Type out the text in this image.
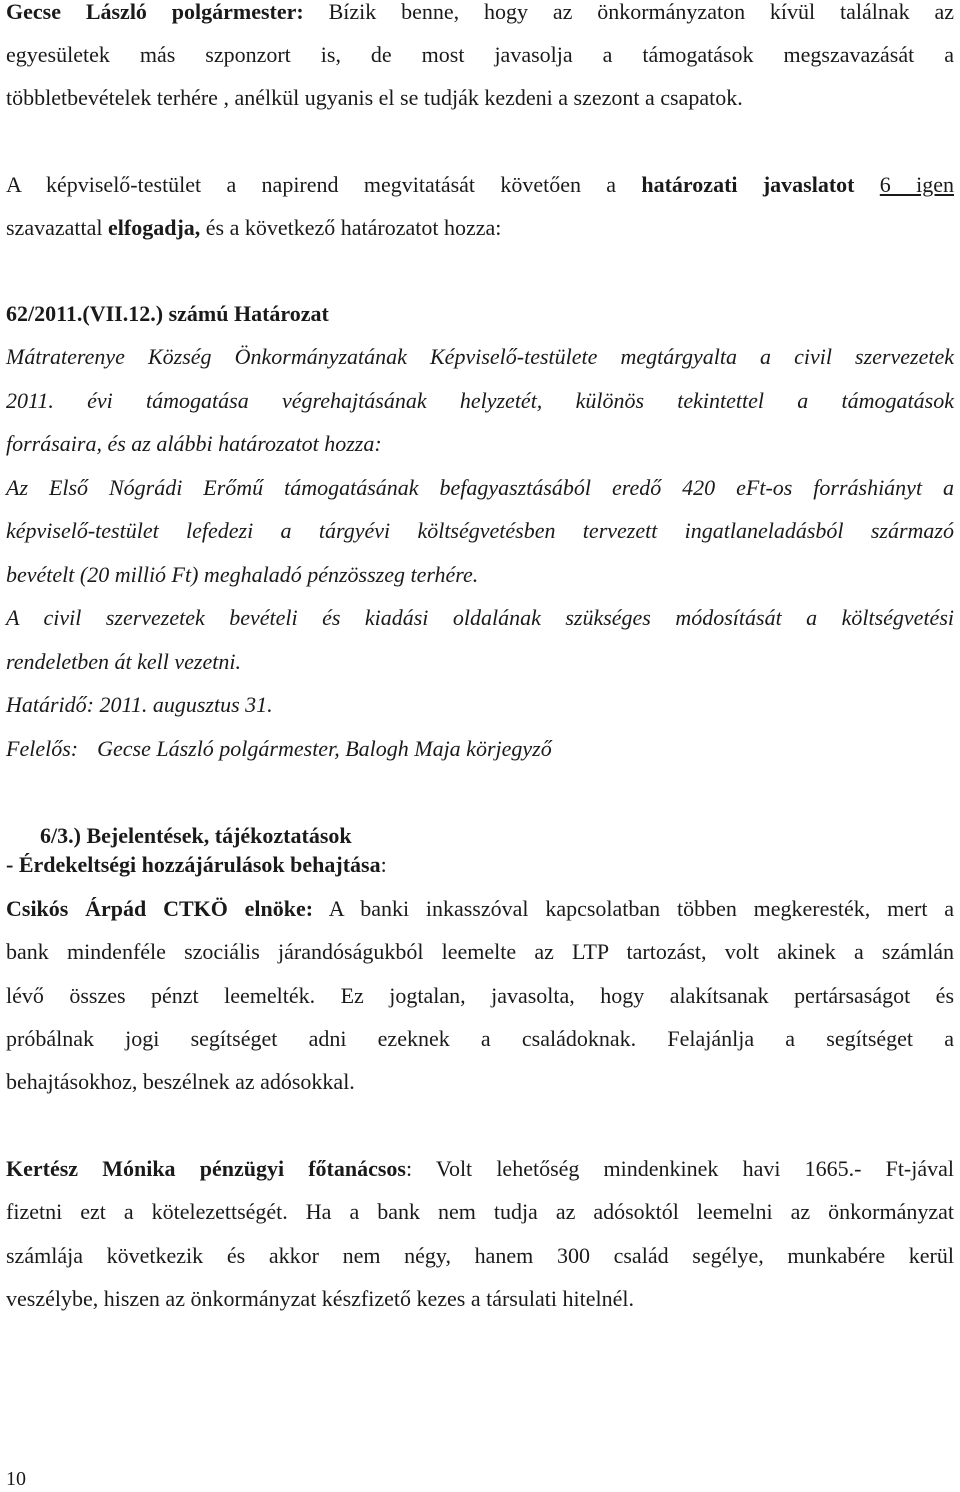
Gecse László polgármester: Bízik benne, hogy az önkormányzaton kívül találnak az
egyesületek más szponzort is, de most javasolja a támogatások megszavazását a
többletbevételek terhére , anélkül ugyanis el se tudják kezdeni a szezont a csapatok.
A képviselő-testület a napirend megvitatását követően a határozati javaslatot 6 igen
szavazattal elfogadja, és a következő határozatot hozza:
62/2011.(VII.12.) számú Határozat
Mátraterenye Község Önkormányzatának Képviselő-testülete megtárgyalta a civil szervezetek
2011. évi támogatása végrehajtásának helyzetét, különös tekintettel a támogatások
forrásaira, és az alábbi határozatot hozza:
Az Első Nógrádi Erőmű támogatásának befagyasztásából eredő 420 eFt-os forráshiányt a
képviselő-testület lefedezi a tárgyévi költségvetésben tervezett ingatlaneladásból származó
bevételt (20 millió Ft) meghaladó pénzösszeg terhére.
A civil szervezetek bevételi és kiadási oldalának szükséges módosítását a költségvetési
rendeletben át kell vezetni.
Határidő: 2011. augusztus 31.
Felelős: Gecse László polgármester, Balogh Maja körjegyző
6/3.) Bejelentések, tájékoztatások
- Érdekeltségi hozzájárulások behajtása:
Csikós Árpád CTKÖ elnöke: A banki inkasszóval kapcsolatban többen megkeresték, mert a
bank mindenféle szociális járandóságukból leemelte az LTP tartozást, volt akinek a számlán
lévő összes pénzt leemelték. Ez jogtalan, javasolta, hogy alakítsanak pertársaságot és
próbálnak jogi segítséget adni ezeknek a családoknak. Felajánlja a segítséget a
behajtásokhoz, beszélnek az adósokkal.
Kertész Mónika pénzügyi főtanácsos: Volt lehetőség mindenkinek havi 1665.- Ft-jával
fizetni ezt a kötelezettségét. Ha a bank nem tudja az adósoktól leemelni az önkormányzat
számlája következik és akkor nem négy, hanem 300 család segélye, munkabére kerül
veszélybe, hiszen az önkormányzat készfizető kezes a társulati hitelnél.
10
